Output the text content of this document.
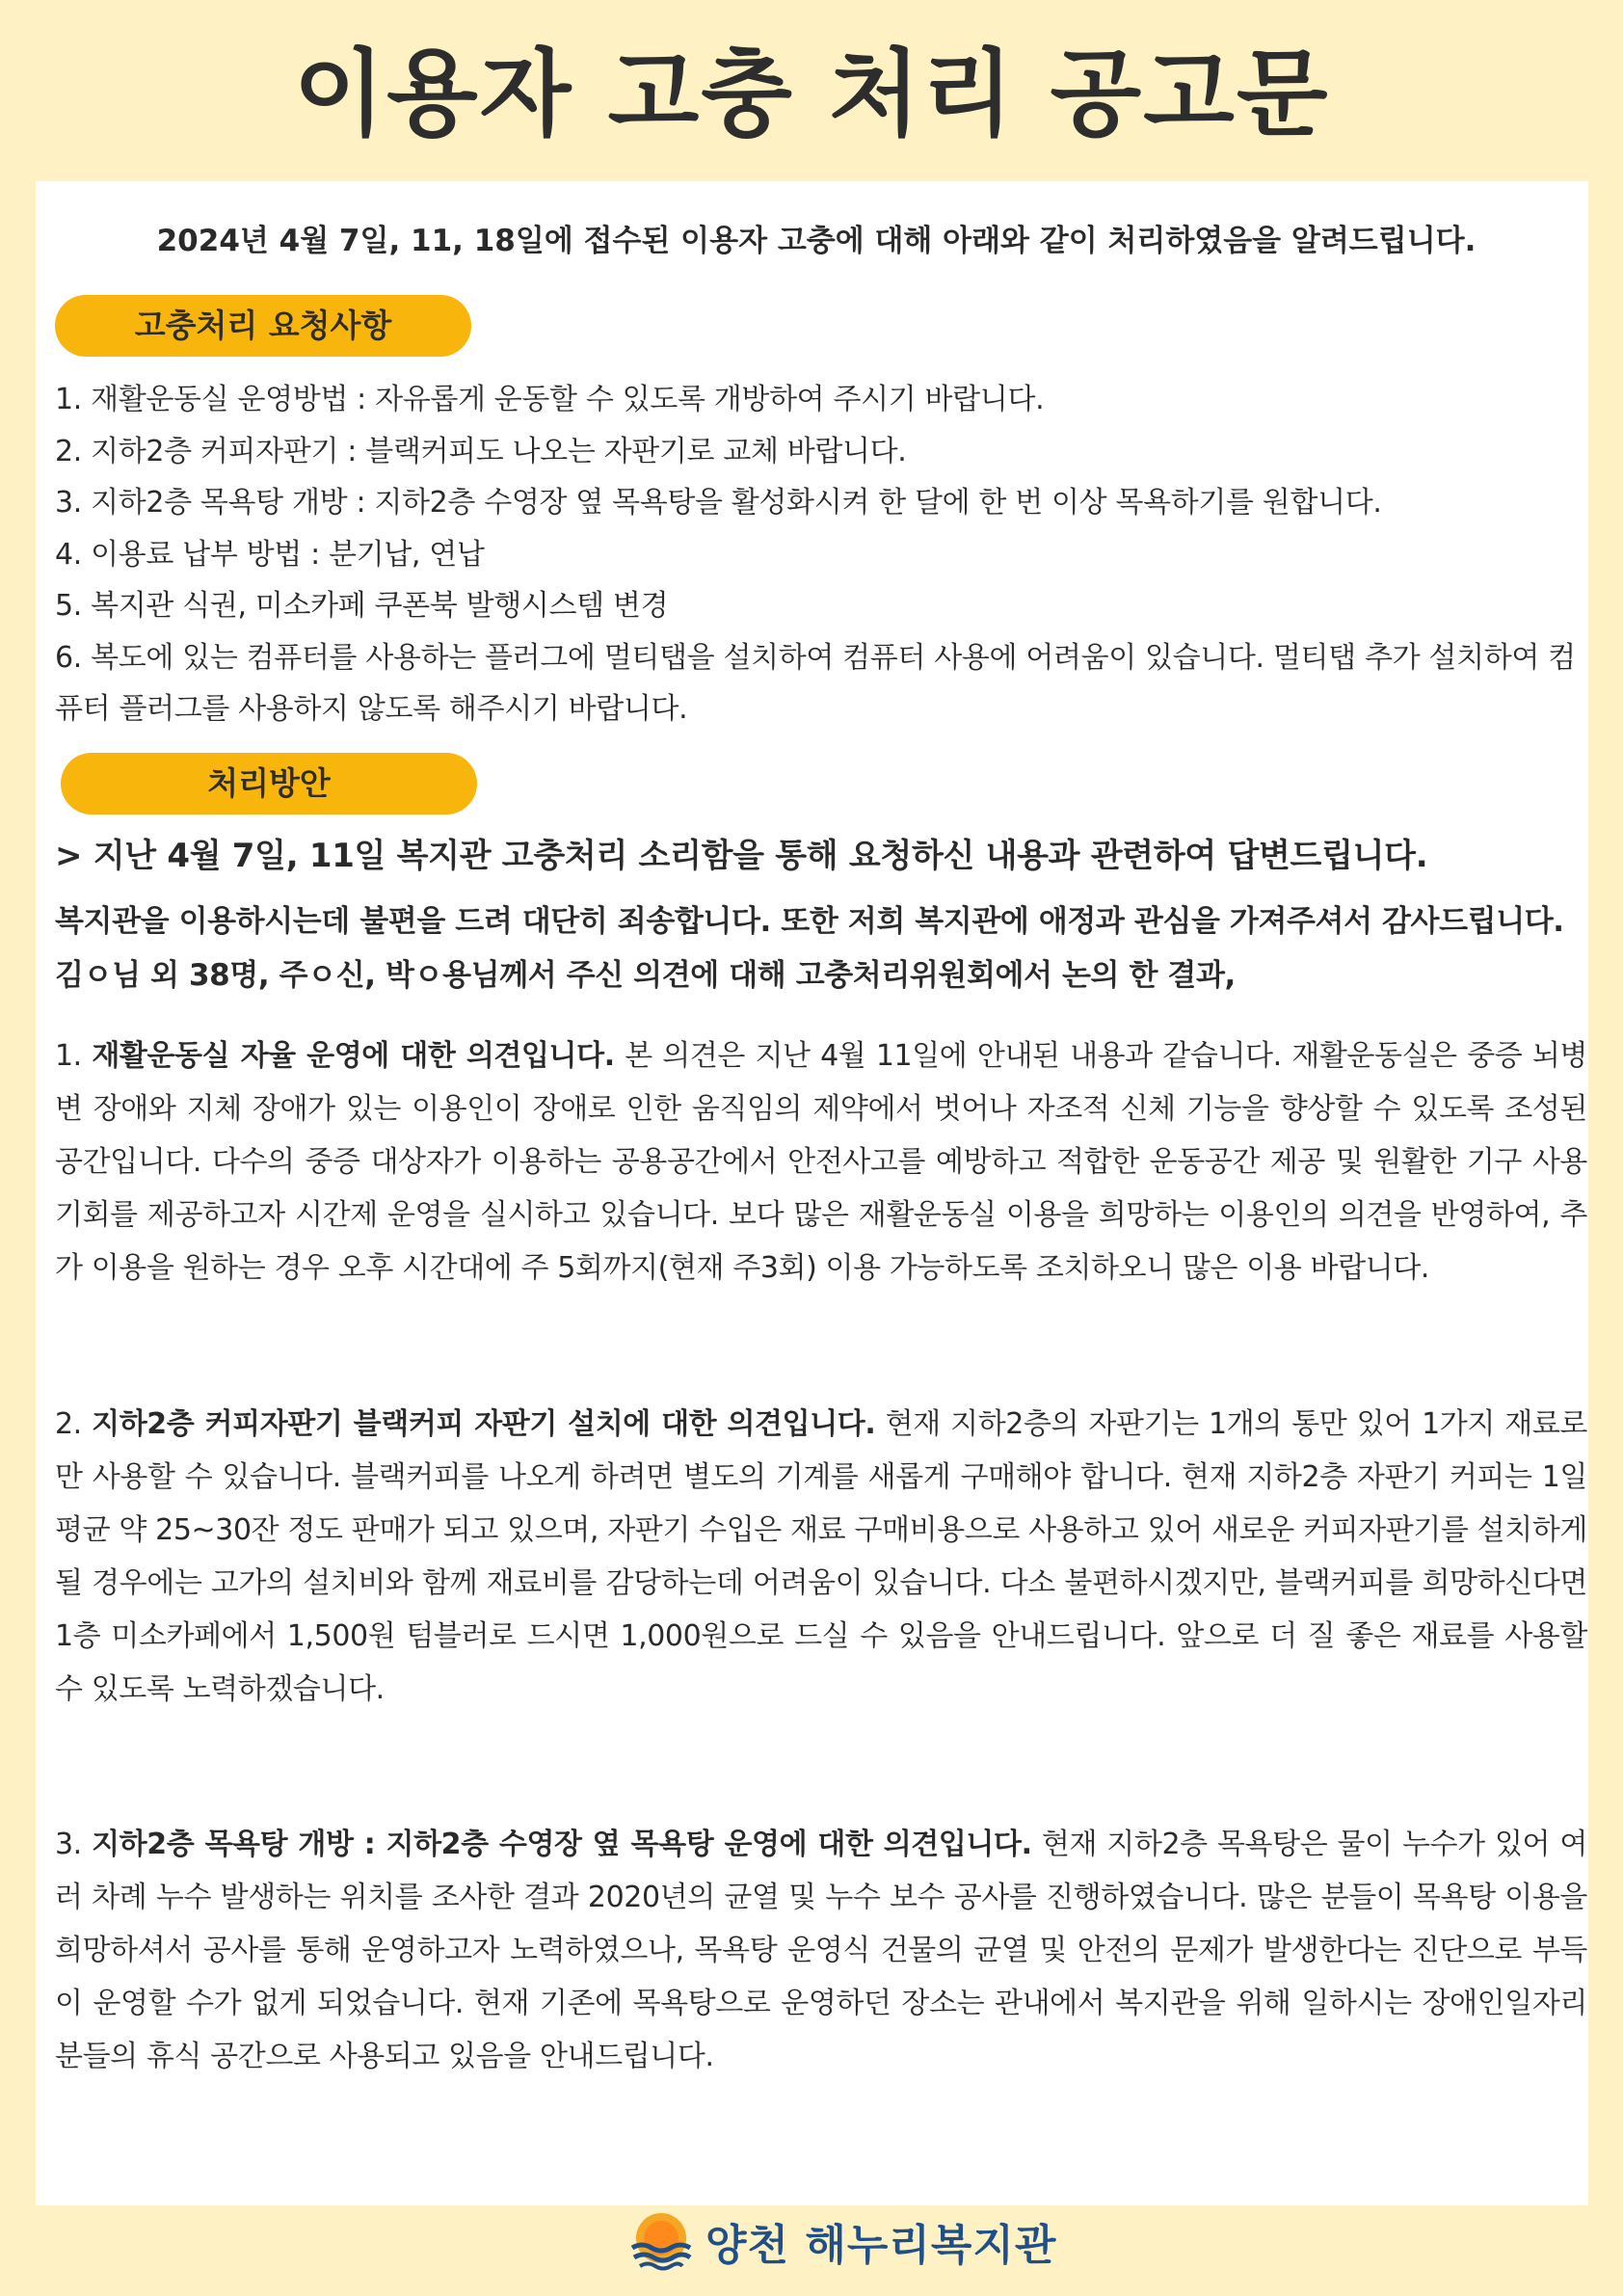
이용자 고충 처리 공고문
2024년 4월 7일, 11, 18일에 접수된 이용자 고충에 대해 아래와 같이 처리하였음을 알려드립니다.
고충처리 요청사항
1. 재활운동실 운영방법 : 자유롭게 운동할 수 있도록 개방하여 주시기 바랍니다.
2. 지하2층 커피자판기 : 블랙커피도 나오는 자판기로 교체 바랍니다.
3. 지하2층 목욕탕 개방 : 지하2층 수영장 옆 목욕탕을 활성화시켜 한 달에 한 번 이상 목욕하기를 원합니다.
4. 이용료 납부 방법 : 분기납, 연납
5. 복지관 식권, 미소카페 쿠폰북 발행시스템 변경
6. 복도에 있는 컴퓨터를 사용하는 플러그에 멀티탭을 설치하여 컴퓨터 사용에 어려움이 있습니다. 멀티탭 추가 설치하여 컴퓨터 플러그를 사용하지 않도록 해주시기 바랍니다.
처리방안
> 지난 4월 7일, 11일 복지관 고충처리 소리함을 통해 요청하신 내용과 관련하여 답변드립니다.
복지관을 이용하시는데 불편을 드려 대단히 죄송합니다. 또한 저희 복지관에 애정과 관심을 가져주셔서 감사드립니다. 김ㅇ님 외 38명, 주ㅇ신, 박ㅇ용님께서 주신 의견에 대해 고충처리위원회에서 논의 한 결과,

1. 재활운동실 자율 운영에 대한 의견입니다. 본 의견은 지난 4월 11일에 안내된 내용과 같습니다. 재활운동실은 중증 뇌병변 장애와 지체 장애가 있는 이용인이 장애로 인한 움직임의 제약에서 벗어나 자조적 신체 기능을 향상할 수 있도록 조성된 공간입니다. 다수의 중증 대상자가 이용하는 공용공간에서 안전사고를 예방하고 적합한 운동공간 제공 및 원활한 기구 사용 기회를 제공하고자 시간제 운영을 실시하고 있습니다. 보다 많은 재활운동실 이용을 희망하는 이용인의 의견을 반영하여, 추가 이용을 원하는 경우 오후 시간대에 주 5회까지(현재 주3회) 이용 가능하도록 조치하오니 많은 이용 바랍니다.

2. 지하2층 커피자판기 블랙커피 자판기 설치에 대한 의견입니다. 현재 지하2층의 자판기는 1개의 통만 있어 1가지 재료로만 사용할 수 있습니다. 블랙커피를 나오게 하려면 별도의 기계를 새롭게 구매해야 합니다. 현재 지하2층 자판기 커피는 1일 평균 약 25~30잔 정도 판매가 되고 있으며, 자판기 수입은 재료 구매비용으로 사용하고 있어 새로운 커피자판기를 설치하게 될 경우에는 고가의 설치비와 함께 재료비를 감당하는데 어려움이 있습니다. 다소 불편하시겠지만, 블랙커피를 희망하신다면 1층 미소카페에서 1,500원 텀블러로 드시면 1,000원으로 드실 수 있음을 안내드립니다. 앞으로 더 질 좋은 재료를 사용할 수 있도록 노력하겠습니다.

3. 지하2층 목욕탕 개방 : 지하2층 수영장 옆 목욕탕 운영에 대한 의견입니다. 현재 지하2층 목욕탕은 물이 누수가 있어 여러 차례 누수 발생하는 위치를 조사한 결과 2020년의 균열 및 누수 보수 공사를 진행하였습니다. 많은 분들이 목욕탕 이용을 희망하셔서 공사를 통해 운영하고자 노력하였으나, 목욕탕 운영식 건물의 균열 및 안전의 문제가 발생한다는 진단으로 부득이 운영할 수가 없게 되었습니다. 현재 기존에 목욕탕으로 운영하던 장소는 관내에서 복지관을 위해 일하시는 장애인일자리분들의 휴식 공간으로 사용되고 있음을 안내드립니다.

양천 해누리복지관
